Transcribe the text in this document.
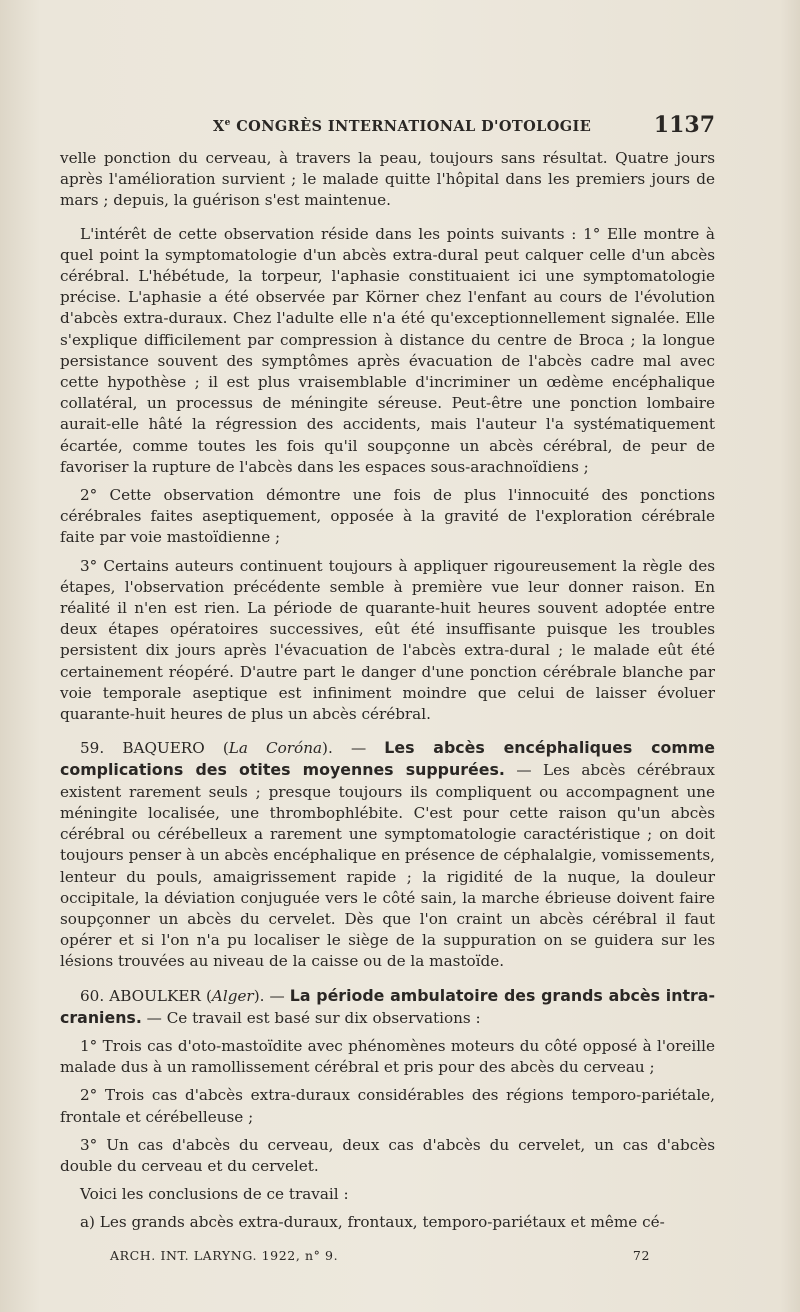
Xe CONGRÈS INTERNATIONAL D'OTOLOGIE	1137

velle ponction du cerveau, à travers la peau, toujours sans résultat. Quatre jours après l'amélioration survient ; le malade quitte l'hôpital dans les premiers jours de mars ; depuis, la guérison s'est maintenue.

L'intérêt de cette observation réside dans les points suivants : 1° Elle montre à quel point la symptomatologie d'un abcès extra-dural peut calquer celle d'un abcès cérébral. L'hébétude, la torpeur, l'aphasie constituaient ici une symptomatologie précise. L'aphasie a été observée par Körner chez l'enfant au cours de l'évolution d'abcès extra-duraux. Chez l'adulte elle n'a été qu'exceptionnellement signalée. Elle s'explique difficilement par compression à distance du centre de Broca ; la longue persistance souvent des symptômes après évacuation de l'abcès cadre mal avec cette hypothèse ; il est plus vraisemblable d'incriminer un œdème encéphalique collatéral, un processus de méningite séreuse. Peut-être une ponction lombaire aurait-elle hâté la régression des accidents, mais l'auteur l'a systématiquement écartée, comme toutes les fois qu'il soupçonne un abcès cérébral, de peur de favoriser la rupture de l'abcès dans les espaces sous-arachnoïdiens ;

2° Cette observation démontre une fois de plus l'innocuité des ponctions cérébrales faites aseptiquement, opposée à la gravité de l'exploration cérébrale faite par voie mastoïdienne ;

3° Certains auteurs continuent toujours à appliquer rigoureusement la règle des étapes, l'observation précédente semble à première vue leur donner raison. En réalité il n'en est rien. La période de quarante-huit heures souvent adoptée entre deux étapes opératoires successives, eût été insuffisante puisque les troubles persistent dix jours après l'évacuation de l'abcès extra-dural ; le malade eût été certainement réopéré. D'autre part le danger d'une ponction cérébrale blanche par voie temporale aseptique est infiniment moindre que celui de laisser évoluer quarante-huit heures de plus un abcès cérébral.

59. BAQUERO (La Coróna). — Les abcès encéphaliques comme complications des otites moyennes suppurées. — Les abcès cérébraux existent rarement seuls ; presque toujours ils compliquent ou accompagnent une méningite localisée, une thrombophlébite. C'est pour cette raison qu'un abcès cérébral ou cérébelleux a rarement une symptomatologie caractéristique ; on doit toujours penser à un abcès encéphalique en présence de céphalalgie, vomissements, lenteur du pouls, amaigrissement rapide ; la rigidité de la nuque, la douleur occipitale, la déviation conjuguée vers le côté sain, la marche ébrieuse doivent faire soupçonner un abcès du cervelet. Dès que l'on craint un abcès cérébral il faut opérer et si l'on n'a pu localiser le siège de la suppuration on se guidera sur les lésions trouvées au niveau de la caisse ou de la mastoïde.

60. ABOULKER (Alger). — La période ambulatoire des grands abcès intra-craniens. — Ce travail est basé sur dix observations :

1° Trois cas d'oto-mastoïdite avec phénomènes moteurs du côté opposé à l'oreille malade dus à un ramollissement cérébral et pris pour des abcès du cerveau ;

2° Trois cas d'abcès extra-duraux considérables des régions temporo-pariétale, frontale et cérébelleuse ;

3° Un cas d'abcès du cerveau, deux cas d'abcès du cervelet, un cas d'abcès double du cerveau et du cervelet.

Voici les conclusions de ce travail :

a) Les grands abcès extra-duraux, frontaux, temporo-pariétaux et même cé-

ARCH. INT. LARYNG. 1922, n° 9.	72
